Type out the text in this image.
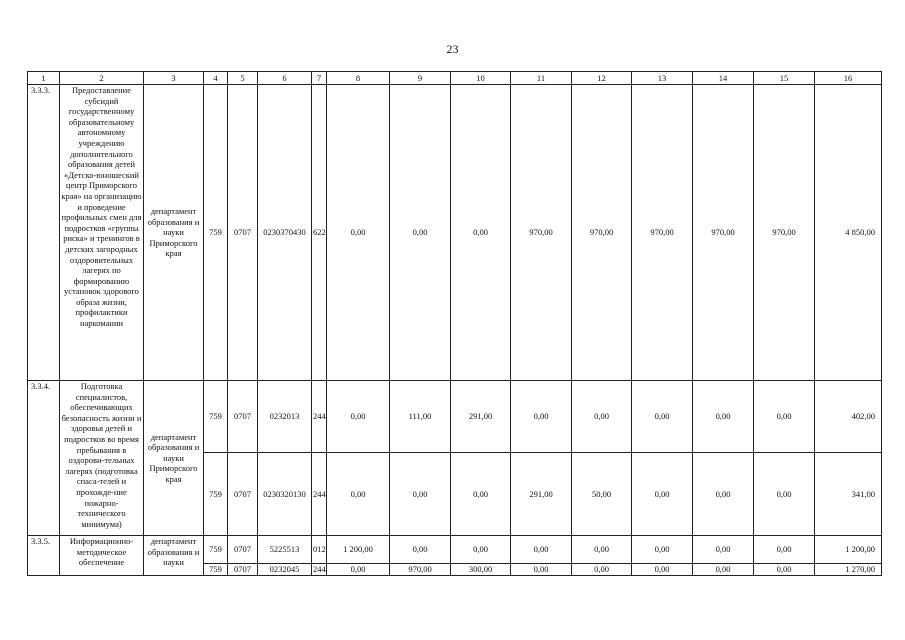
23
1	2	3	4	5	6	7	8	9	10	11	12	13	14	15	16
3.3.3.	Предоставление субсидий государственному образовательному автономному учреждению дополнительного образования детей «Детско-юношеский центр Приморского края» на организацию и проведение профильных смен для подростков «группы риска» и тренингов в детских загородных оздоровительных лагерях по формированию установок здорового образа жизни, профилактики наркомании	департамент образования и науки Приморского края	759	0707	0230370430	622	0,00	0,00	0,00	970,00	970,00	970,00	970,00	970,00	4 850,00
3.3.4.	Подготовка специалистов, обеспечивающих безопасность жизни и здоровья детей и подростков во время пребывания в оздорови-тельных лагерях (подготовка спаса-телей и прохожде-ние пожарно-технического минимума)	департамент образования и науки Приморского края	759	0707	0232013	244	0,00	111,00	291,00	0,00	0,00	0,00	0,00	0,00	402,00
			759	0707	0230320130	244	0,00	0,00	0,00	291,00	50,00	0,00	0,00	0,00	341,00
3.3.5.	Информационно-методическое обеспечение	департамент образования и науки	759	0707	5225513	012	1 200,00	0,00	0,00	0,00	0,00	0,00	0,00	0,00	1 200,00
			759	0707	0232045	244	0,00	970,00	300,00	0,00	0,00	0,00	0,00	0,00	1 270,00
